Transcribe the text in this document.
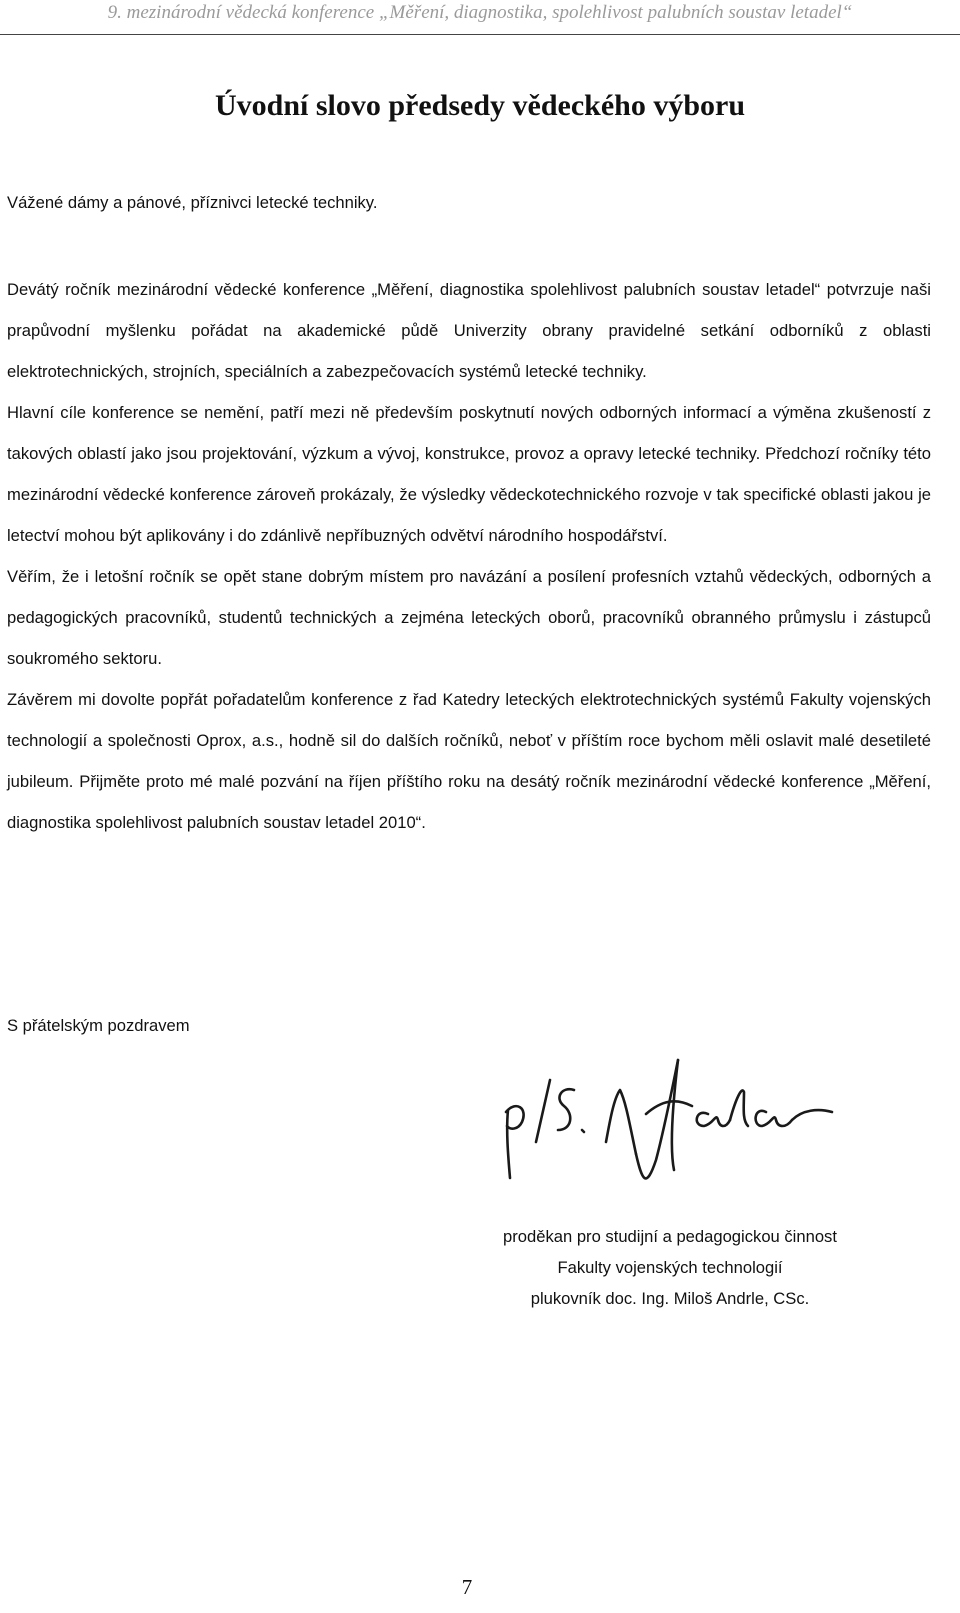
9. mezinárodní vědecká konference „Měření, diagnostika, spolehlivost palubních soustav letadel“
Úvodní slovo předsedy vědeckého výboru

Vážené dámy a pánové, příznivci letecké techniky.

Devátý ročník mezinárodní vědecké konference „Měření, diagnostika spolehlivost palubních soustav letadel“ potvrzuje naši prapůvodní myšlenku pořádat na akademické půdě Univerzity obrany pravidelné setkání odborníků z oblasti elektrotechnických, strojních, speciálních a zabezpečovacích systémů letecké techniky.

Hlavní cíle konference se nemění, patří mezi ně především poskytnutí nových odborných informací a výměna zkušeností z takových oblastí jako jsou projektování, výzkum a vývoj, konstrukce, provoz a opravy letecké techniky. Předchozí ročníky této mezinárodní vědecké konference zároveň prokázaly, že výsledky vědeckotechnického rozvoje v tak specifické oblasti jakou je letectví mohou být aplikovány i do zdánlivě nepříbuzných odvětví národního hospodářství.

Věřím, že i letošní ročník se opět stane dobrým místem pro navázání a posílení profesních vztahů vědeckých, odborných a pedagogických pracovníků, studentů technických a zejména leteckých oborů, pracovníků obranného průmyslu i zástupců soukromého sektoru.

Závěrem mi dovolte popřát pořadatelům konference z řad Katedry leteckých elektrotechnických systémů Fakulty vojenských technologií a společnosti Oprox, a.s., hodně sil do dalších ročníků, neboť v příštím roce bychom měli oslavit malé desetileté jubileum. Přijměte proto mé malé pozvání na říjen příštího roku na desátý ročník mezinárodní vědecké konference „Měření, diagnostika spolehlivost palubních soustav letadel 2010“.

S přátelským pozdravem

proděkan pro studijní a pedagogickou činnost
Fakulty vojenských technologií
plukovník doc. Ing. Miloš Andrle, CSc.
7
